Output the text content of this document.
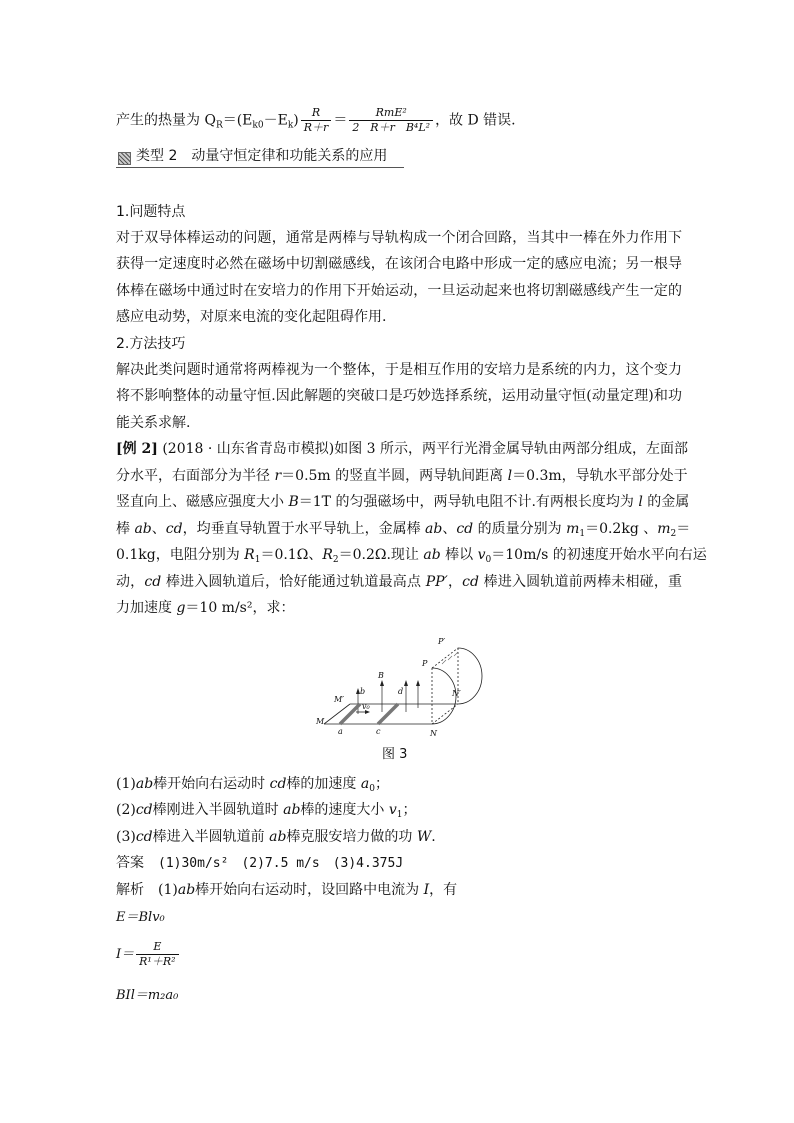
产生的热量为 $Q_R=(E_{k0}-E_k) \frac{R}{R+r} = \frac{\text{RmE²}}{\text{2　R＋r　B⁴L²}}$ ，故 D 错误.
类型 2　动量守恒定律和功能关系的应用
1.问题特点
对于双导体棒运动的问题，通常是两棒与导轨构成一个闭合回路，当其中一棒在外力作用下
获得一定速度时必然在磁场中切割磁感线，在该闭合电路中形成一定的感应电流；另一根导
体棒在磁场中通过时在安培力的作用下开始运动，一旦运动起来也将切割磁感线产生一定的
感应电动势，对原来电流的变化起阻碍作用.
2.方法技巧
解决此类问题时通常将两棒视为一个整体，于是相互作用的安培力是系统的内力，这个变力
将不影响整体的动量守恒.因此解题的突破口是巧妙选择系统，运用动量守恒(动量定理)和功
能关系求解.
[例 2] (2018 · 山东省青岛市模拟)如图 3 所示，两平行光滑金属导轨由两部分组成，左面部
分水平，右面部分为半径 r＝0.5m 的竖直半圆，两导轨间距离 l＝0.3m，导轨水平部分处于
竖直向上、磁感应强度大小 B＝1T 的匀强磁场中，两导轨电阻不计.有两根长度均为 l 的金属
棒 ab、cd，均垂直导轨置于水平导轨上，金属棒 ab、cd 的质量分别为 $m_1=0.2kg$ 、$m_2=$
0.1kg，电阻分别为 $R_1=0.1\Omega$、$R_2=0.2\Omega$.现让 ab 棒以 $v_0=10m/s$ 的初速度开始水平向右运
动，cd 棒进入圆轨道后，恰好能通过轨道最高点 PP′，cd 棒进入圆轨道前两棒未相碰，重
力加速度 g＝10 m/s²，求：
P′
P
N′
N
M′
M
B
b	d
a	c
v₀
图 3
(1)ab棒开始向右运动时 cd棒的加速度 $a_0$；
(2)cd棒刚进入半圆轨道时 ab棒的速度大小 $v_1$；
(3)cd棒进入半圆轨道前 ab棒克服安培力做的功 W.
答案　 (1)30m/s²　(2)7.5 m/s　(3)4.375J
解析　 (1)ab棒开始向右运动时，设回路中电流为 I，有
E＝Blv₀
$I= \frac{E}{\text{R¹＋R²}}$
BIl＝m₂a₀
